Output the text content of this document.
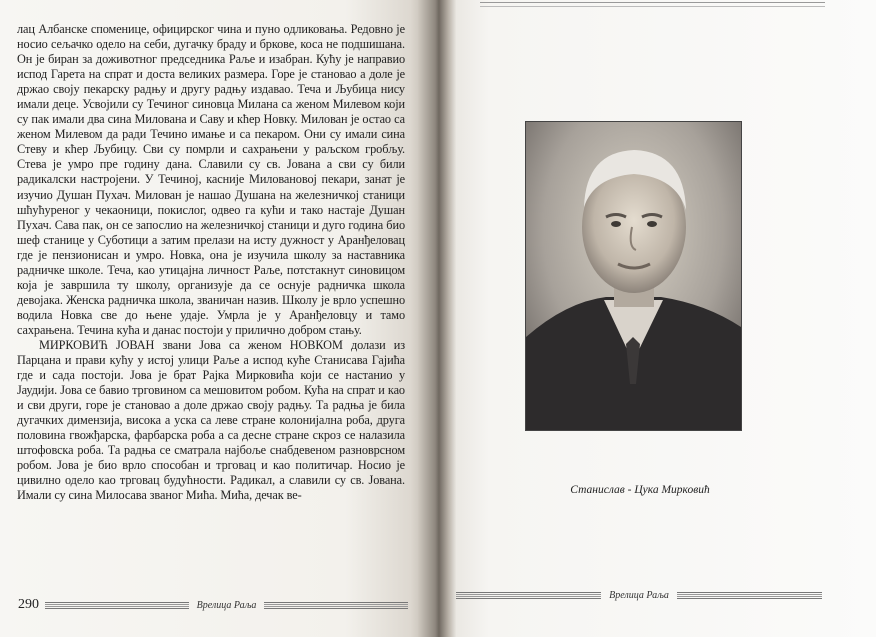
лац Албанске споменице, официрског чина и пуно одликовања. Редовно је носио сељачко одело на себи, дугачку браду и бркове, коса не подшишана. Он је биран за доживотног председника Раље и изабран. Кућу је направио испод Гарета на спрат и доста великих размера. Горе је становао а доле је држао своју пекарску радњу и другу радњу издавао. Теча и Љубица нису имали деце. Усвојили су Течиног синовца Милана са женом Милевом који су пак имали два сина Милована и Саву и кћер Новку. Милован је остао са женом Милевом да ради Течино имање и са пекаром. Они су имали сина Стеву и кћер Љубицу. Сви су помрли и сахрањени у раљском гробљу. Стева је умро пре годину дана. Славили су св. Јована а сви су били радикалски настројени. У Течиној, касније Миловановој пекари, занат је изучио Душан Пухач. Милован је нашао Душана на железничкој станици шћућуреног у чекаоници, покислог, одвео га кући и тако настаје Душан Пухач. Сава пак, он се запослио на железничкој станици и дуго година био шеф станице у Суботици а затим прелази на исту дужност у Аранђеловац где је пензионисан и умро. Новка, она је изучила школу за наставника радничке школе. Теча, као утицајна личност Раље, потстакнут синовицом која је завршила ту школу, организује да се оснује радничка школа девојака. Женска радничка школа, званичан назив. Школу је врло успешно водила Новка све до њене удаје. Умрла је у Аранђеловцу и тамо сахрањена. Течина кућа и данас постоји у прилично добром стању.

МИРКОВИЋ ЈОВАН звани Јова са женом НОВКОМ долази из Парцана и прави кућу у истој улици Раље а испод куће Станисава Гајића где и сада постоји. Јова је брат Рајка Мирковића који се настанио у Јаудији. Јова се бавио трговином са мешовитом робом. Кућа на спрат и као и сви други, горе је становао а доле држао своју радњу. Та радња је била дугачких димензија, висока а уска са леве стране колонијална роба, друга половина гвожђарска, фарбарска роба а са десне стране скроз се налазила штофовска роба. Та радња се сматрала најбоље снабдевеном разноврсном робом. Јова је био врло способан и трговац и као политичар. Носио је цивилно одело као трговац будућности. Радикал, а славили су св. Јована. Имали су сина Милосава званог Мића. Мића, дечак ве-

290	Врелица Раља
Станислав - Цука Мирковић
Врелица Раља
